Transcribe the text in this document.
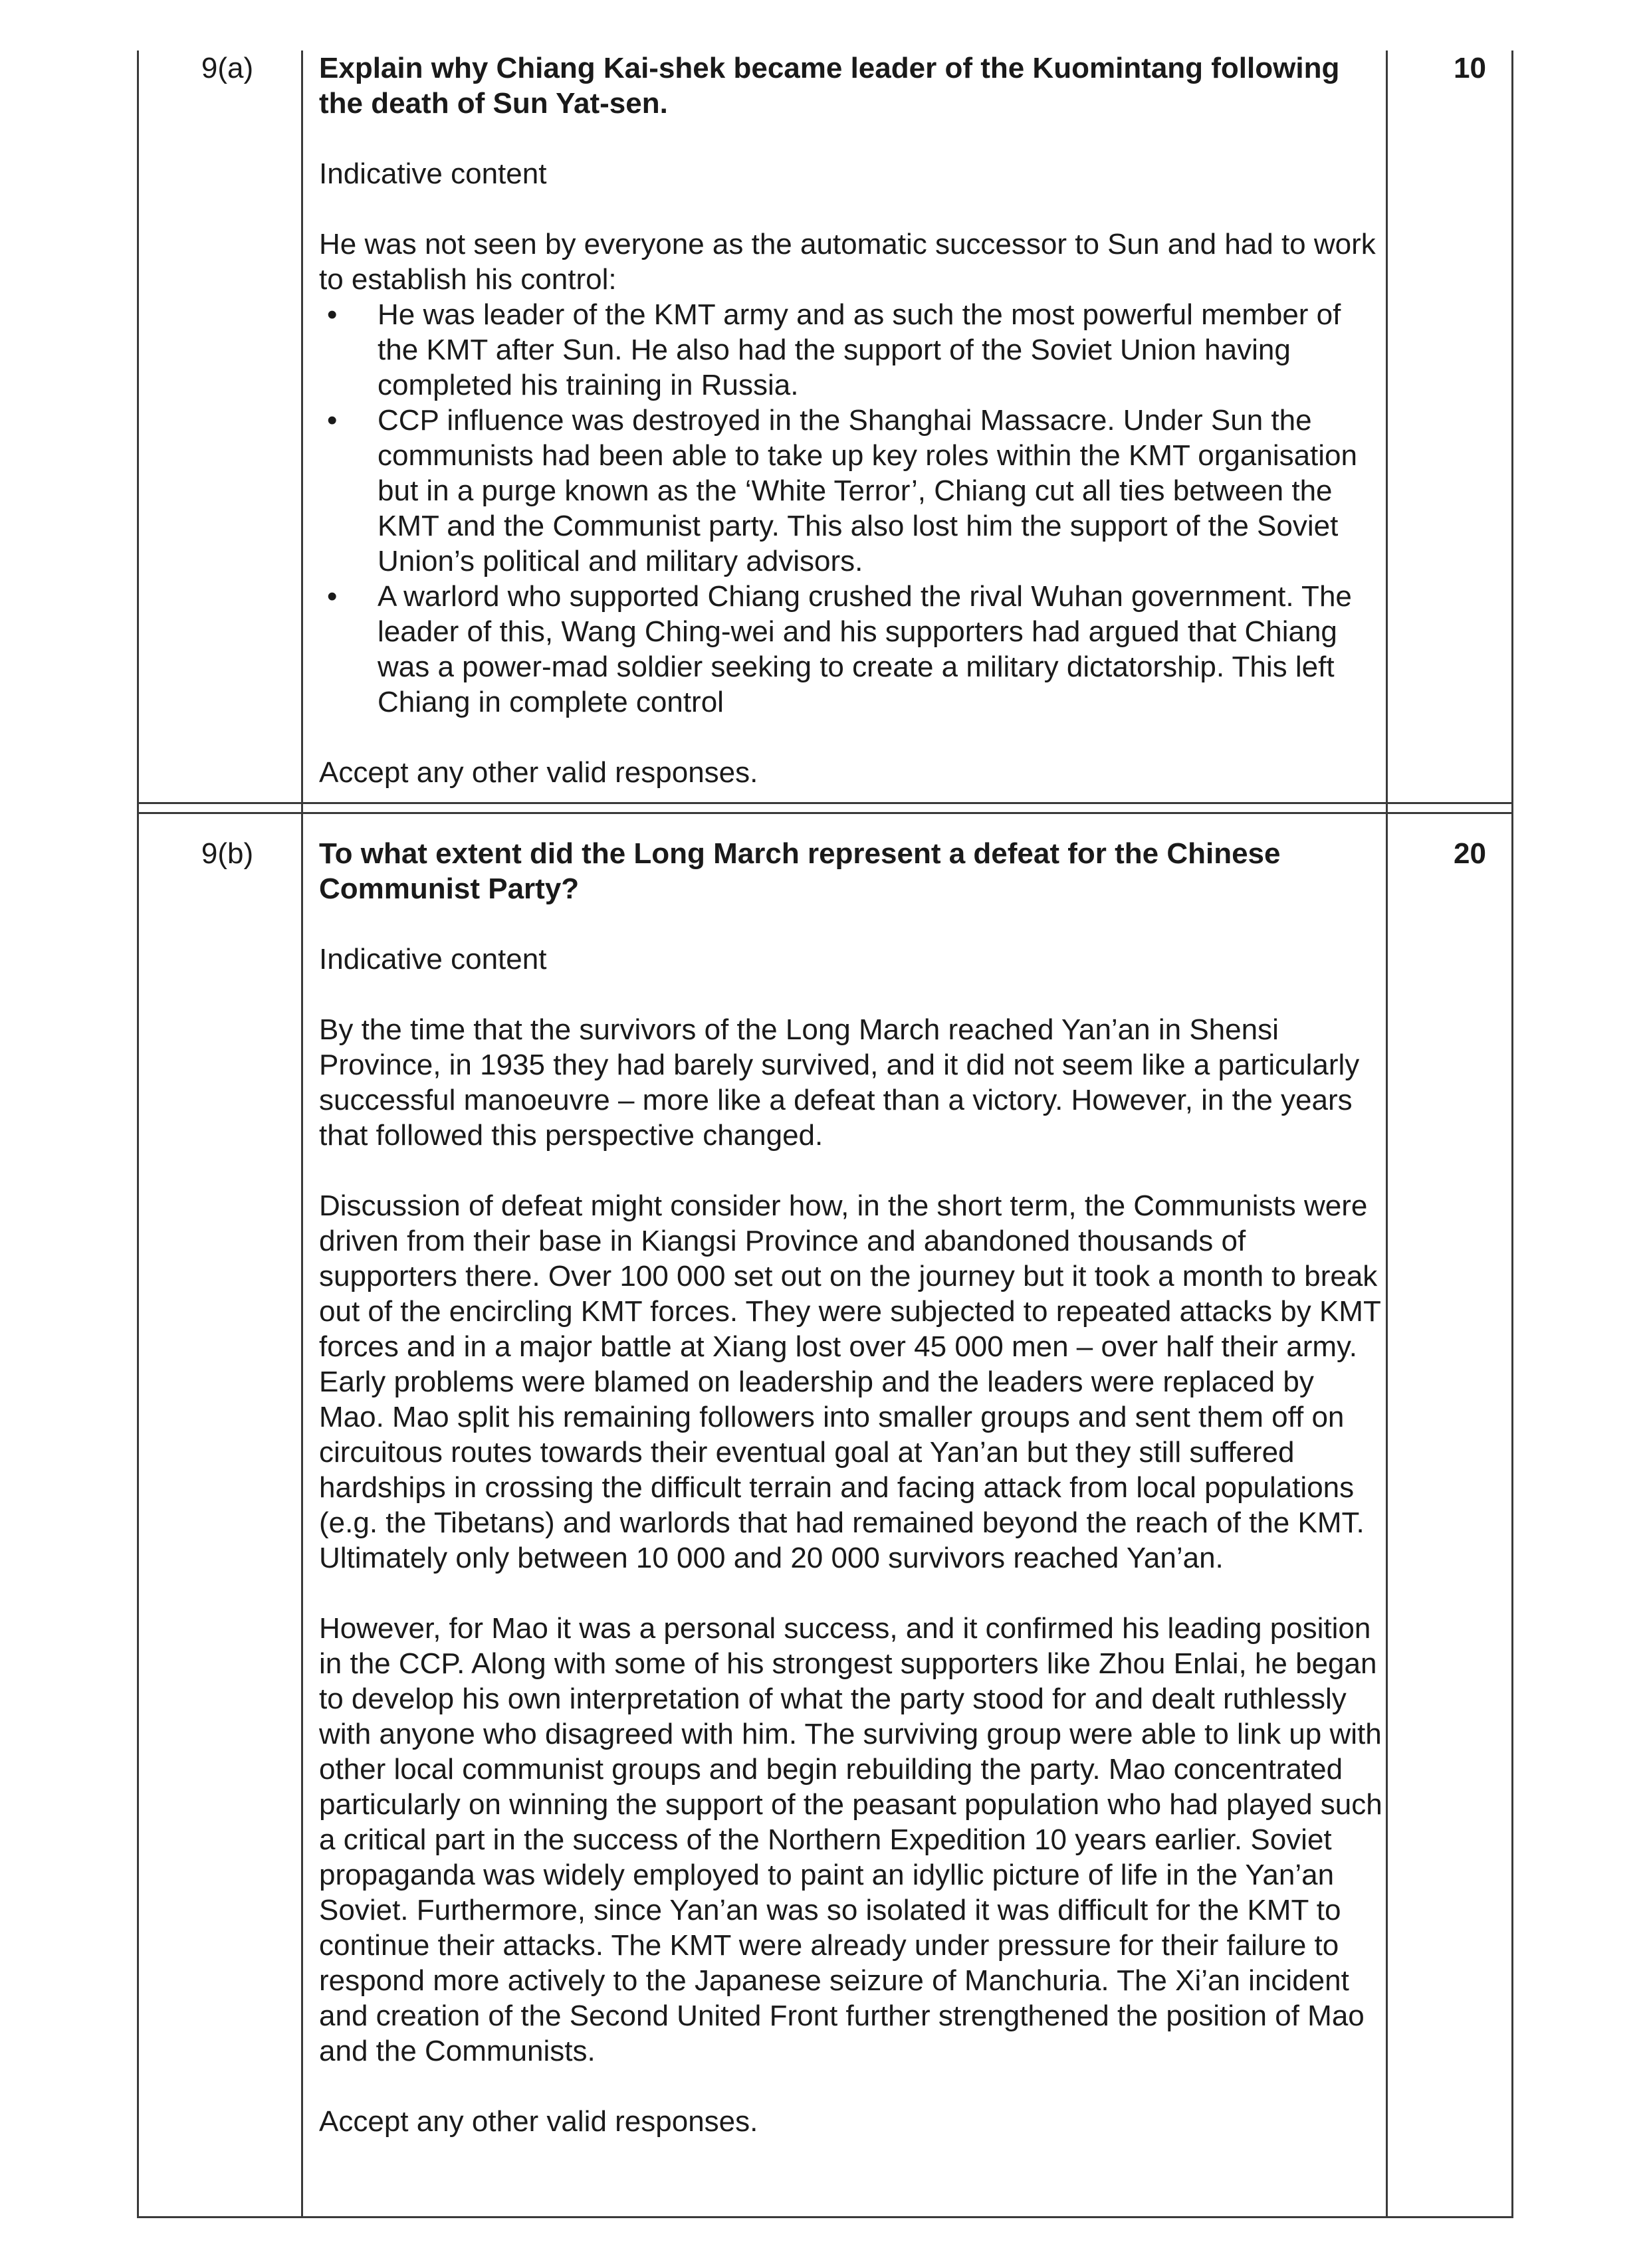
9(a)	Explain why Chiang Kai-shek became leader of the Kuomintang following the death of Sun Yat-sen.

Indicative content

He was not seen by everyone as the automatic successor to Sun and had to work to establish his control:

• He was leader of the KMT army and as such the most powerful member of the KMT after Sun. He also had the support of the Soviet Union having completed his training in Russia.
• CCP influence was destroyed in the Shanghai Massacre. Under Sun the communists had been able to take up key roles within the KMT organisation but in a purge known as the ‘White Terror’, Chiang cut all ties between the KMT and the Communist party. This also lost him the support of the Soviet Union’s political and military advisors.
• A warlord who supported Chiang crushed the rival Wuhan government. The leader of this, Wang Ching-wei and his supporters had argued that Chiang was a power-mad soldier seeking to create a military dictatorship. This left Chiang in complete control

Accept any other valid responses.

10
9(b)	To what extent did the Long March represent a defeat for the Chinese Communist Party?

Indicative content

By the time that the survivors of the Long March reached Yan’an in Shensi Province, in 1935 they had barely survived, and it did not seem like a particularly successful manoeuvre – more like a defeat than a victory. However, in the years that followed this perspective changed.

Discussion of defeat might consider how, in the short term, the Communists were driven from their base in Kiangsi Province and abandoned thousands of supporters there. Over 100 000 set out on the journey but it took a month to break out of the encircling KMT forces. They were subjected to repeated attacks by KMT forces and in a major battle at Xiang lost over 45 000 men – over half their army. Early problems were blamed on leadership and the leaders were replaced by Mao. Mao split his remaining followers into smaller groups and sent them off on circuitous routes towards their eventual goal at Yan’an but they still suffered hardships in crossing the difficult terrain and facing attack from local populations (e.g. the Tibetans) and warlords that had remained beyond the reach of the KMT. Ultimately only between 10 000 and 20 000 survivors reached Yan’an.

However, for Mao it was a personal success, and it confirmed his leading position in the CCP. Along with some of his strongest supporters like Zhou Enlai, he began to develop his own interpretation of what the party stood for and dealt ruthlessly with anyone who disagreed with him. The surviving group were able to link up with other local communist groups and begin rebuilding the party. Mao concentrated particularly on winning the support of the peasant population who had played such a critical part in the success of the Northern Expedition 10 years earlier. Soviet propaganda was widely employed to paint an idyllic picture of life in the Yan’an Soviet. Furthermore, since Yan’an was so isolated it was difficult for the KMT to continue their attacks. The KMT were already under pressure for their failure to respond more actively to the Japanese seizure of Manchuria. The Xi’an incident and creation of the Second United Front further strengthened the position of Mao and the Communists.

Accept any other valid responses.

20
